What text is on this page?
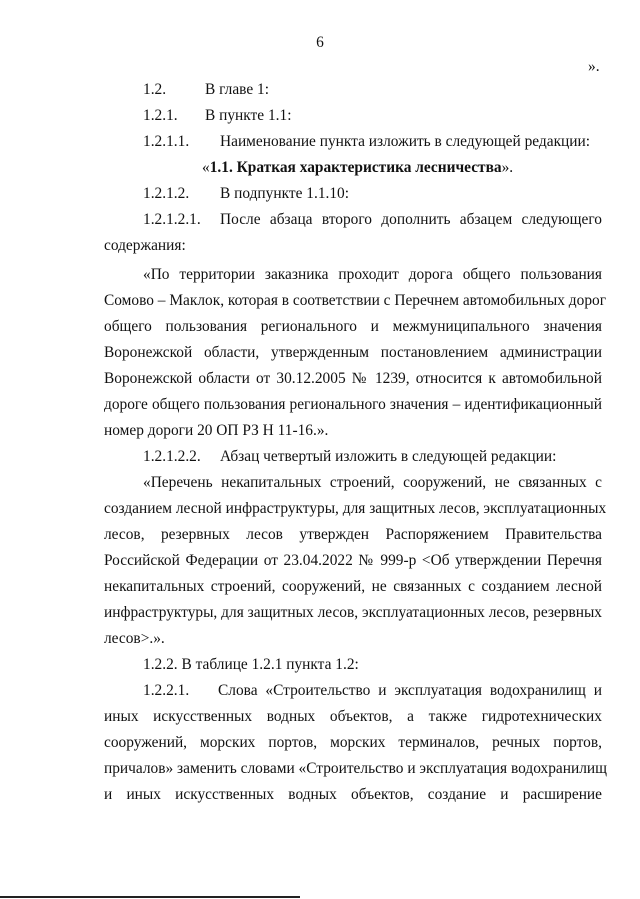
6
».
1.2.	В главе 1:
1.2.1. В пункте 1.1:
1.2.1.1. Наименование пункта изложить в следующей редакции:
«1.1. Краткая характеристика лесничества».
1.2.1.2. В подпункте 1.1.10:
1.2.1.2.1. После абзаца второго дополнить абзацем следующего
содержания:
«По территории заказника проходит дорога общего пользования
Сомово – Маклок, которая в соответствии с Перечнем автомобильных дорог
общего пользования регионального и межмуниципального значения
Воронежской области, утвержденным постановлением администрации
Воронежской области от 30.12.2005 № 1239, относится к автомобильной
дороге общего пользования регионального значения – идентификационный
номер дороги 20 ОП РЗ Н 11-16.».
1.2.1.2.2. Абзац четвертый изложить в следующей редакции:
«Перечень некапитальных строений, сооружений, не связанных с
созданием лесной инфраструктуры, для защитных лесов, эксплуатационных
лесов, резервных лесов утвержден Распоряжением Правительства
Российской Федерации от 23.04.2022 № 999-р <Об утверждении Перечня
некапитальных строений, сооружений, не связанных с созданием лесной
инфраструктуры, для защитных лесов, эксплуатационных лесов, резервных
лесов>.».
1.2.2. В таблице 1.2.1 пункта 1.2:
1.2.2.1. Слова «Строительство и эксплуатация водохранилищ и
иных искусственных водных объектов, а также гидротехнических
сооружений, морских портов, морских терминалов, речных портов,
причалов» заменить словами «Строительство и эксплуатация водохранилищ
и иных искусственных водных объектов, создание и расширение
